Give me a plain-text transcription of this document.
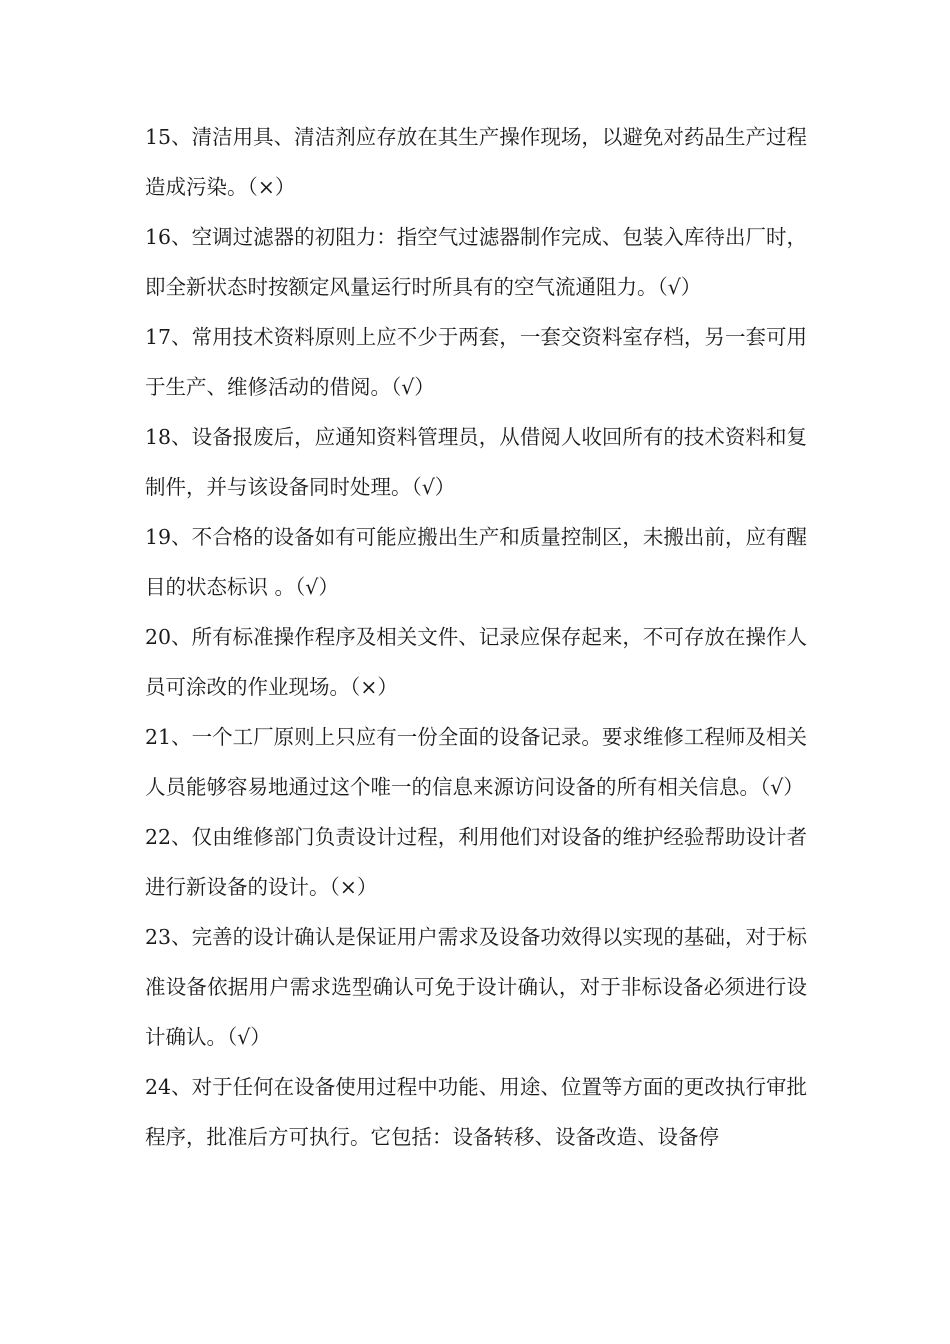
15、清洁用具、清洁剂应存放在其生产操作现场，以避免对药品生产过程造成污染。（×）

16、空调过滤器的初阻力：指空气过滤器制作完成、包装入库待出厂时，即全新状态时按额定风量运行时所具有的空气流通阻力。（√）

17、常用技术资料原则上应不少于两套，一套交资料室存档，另一套可用于生产、维修活动的借阅。（√）

18、设备报废后，应通知资料管理员，从借阅人收回所有的技术资料和复制件，并与该设备同时处理。（√）

19、不合格的设备如有可能应搬出生产和质量控制区，未搬出前，应有醒目的状态标识 。（√）

20、所有标准操作程序及相关文件、记录应保存起来，不可存放在操作人员可涂改的作业现场。（×）

21、一个工厂原则上只应有一份全面的设备记录。要求维修工程师及相关人员能够容易地通过这个唯一的信息来源访问设备的所有相关信息。（√）

22、仅由维修部门负责设计过程，利用他们对设备的维护经验帮助设计者进行新设备的设计。（×）

23、完善的设计确认是保证用户需求及设备功效得以实现的基础，对于标准设备依据用户需求选型确认可免于设计确认，对于非标设备必须进行设计确认。（√）

24、对于任何在设备使用过程中功能、用途、位置等方面的更改执行审批程序，批准后方可执行。它包括：设备转移、设备改造、设备停
